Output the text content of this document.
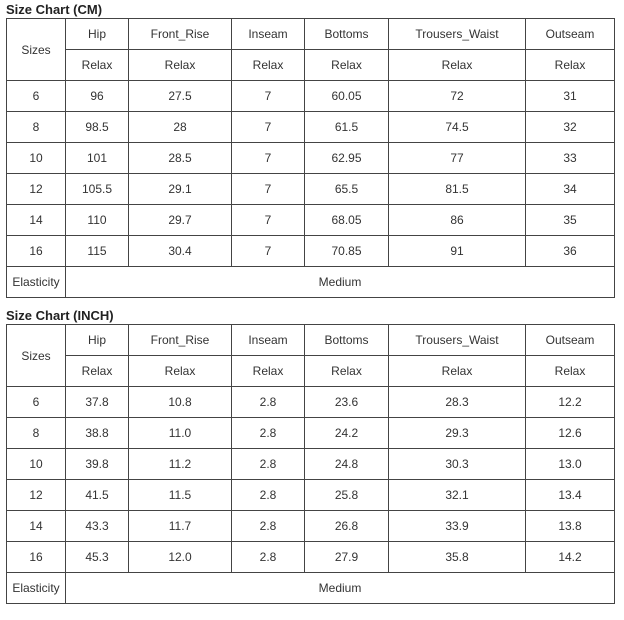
Size Chart (CM)
Sizes	Hip	Front_Rise	Inseam	Bottoms	Trousers_Waist	Outseam
	Relax	Relax	Relax	Relax	Relax	Relax
6	96	27.5	7	60.05	72	31
8	98.5	28	7	61.5	74.5	32
10	101	28.5	7	62.95	77	33
12	105.5	29.1	7	65.5	81.5	34
14	110	29.7	7	68.05	86	35
16	115	30.4	7	70.85	91	36
Elasticity	Medium					
Size Chart (INCH)
Sizes	Hip	Front_Rise	Inseam	Bottoms	Trousers_Waist	Outseam
	Relax	Relax	Relax	Relax	Relax	Relax
6	37.8	10.8	2.8	23.6	28.3	12.2
8	38.8	11.0	2.8	24.2	29.3	12.6
10	39.8	11.2	2.8	24.8	30.3	13.0
12	41.5	11.5	2.8	25.8	32.1	13.4
14	43.3	11.7	2.8	26.8	33.9	13.8
16	45.3	12.0	2.8	27.9	35.8	14.2
Elasticity	Medium					
